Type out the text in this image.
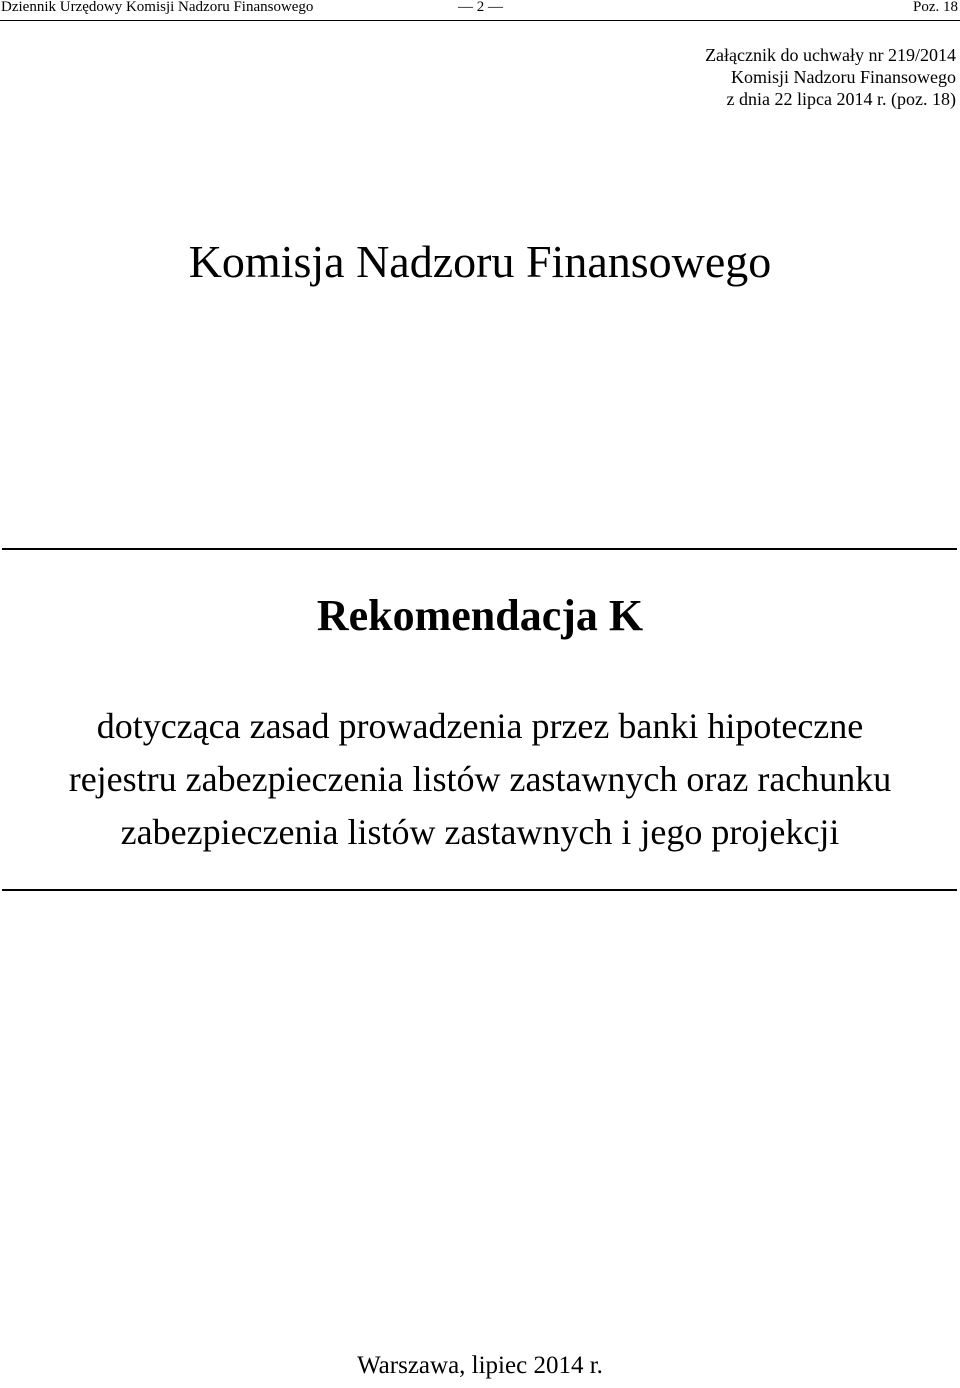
Dziennik Urzędowy Komisji Nadzoru Finansowego	— 2 —	Poz. 18
Załącznik do uchwały nr 219/2014
Komisji Nadzoru Finansowego
z dnia 22 lipca 2014 r. (poz. 18)
Komisja Nadzoru Finansowego
Rekomendacja K
dotycząca zasad prowadzenia przez banki hipoteczne
rejestru zabezpieczenia listów zastawnych oraz rachunku
zabezpieczenia listów zastawnych i jego projekcji
Warszawa, lipiec 2014 r.
